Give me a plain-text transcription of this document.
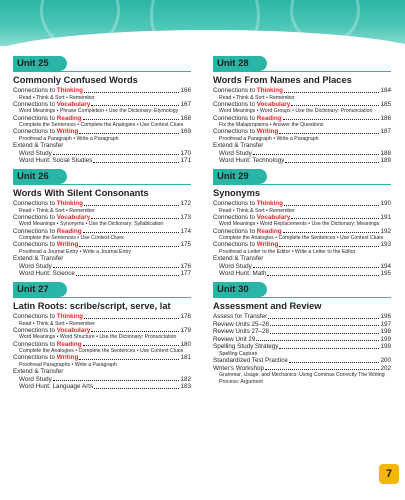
Unit 25
Commonly Confused Words
Connections to Thinking	166
Read • Think & Sort • Remember
Connections to Vocabulary	167
Word Meanings • Phrase Completion • Use the Dictionary: Etymology
Connections to Reading	168
Complete the Sentences • Complete the Analogies • Use Context Clues
Connections to Writing	169
Proofread a Paragraph • Write a Paragraph
Extend & Transfer
Word Study	170
Word Hunt: Social Studies	171
Unit 26
Words With Silent Consonants
Connections to Thinking	172
Read • Think & Sort • Remember
Connections to Vocabulary	173
Word Meanings • Synonyms • Use the Dictionary: Syllabication
Connections to Reading	174
Complete the Sentences • Use Context Clues
Connections to Writing	175
Proofread a Journal Entry • Write a Journal Entry
Extend & Transfer
Word Study	176
Word Hunt: Science	177
Unit 27
Latin Roots: scribe/script, serve, lat
Connections to Thinking	178
Read • Think & Sort • Remember
Connections to Vocabulary	179
Word Meanings • Word Structure • Use the Dictionary: Pronunciation
Connections to Reading	180
Complete the Analogies • Complete the Sentences • Use Context Clues
Connections to Writing	181
Proofread Paragraphs • Write a Paragraph
Extend & Transfer
Word Study	182
Word Hunt: Language Arts	183
Unit 28
Words From Names and Places
Connections to Thinking	184
Read • Think & Sort • Remember
Connections to Vocabulary	185
Word Meanings • Word Groups • Use the Dictionary: Pronunciation
Connections to Reading	186
Fix the Malapropisms • Answer the Questions
Connections to Writing	187
Proofread a Paragraph • Write a Paragraph
Extend & Transfer
Word Study	188
Word Hunt: Technology	189
Unit 29
Synonyms
Connections to Thinking	190
Read • Think & Sort • Remember
Connections to Vocabulary	191
Word Meanings • Word Replacements • Use the Dictionary: Meanings
Connections to Reading	192
Complete the Analogies • Complete the Sentences • Use Context Clues
Connections to Writing	193
Proofread a Letter to the Editor • Write a Letter to the Editor
Extend & Transfer
Word Study	194
Word Hunt: Math	195
Unit 30
Assessment and Review
Assess for Transfer	196
Review Units 25–26	197
Review Units 27–28	198
Review Unit 29	199
Spelling Study Strategy	199
Spelling Capture
Standardized Test Practice	200
Writer's Workshop	202
Grammar, Usage, and Mechanics: Using Commas Correctly The Writing Process: Argument
7
